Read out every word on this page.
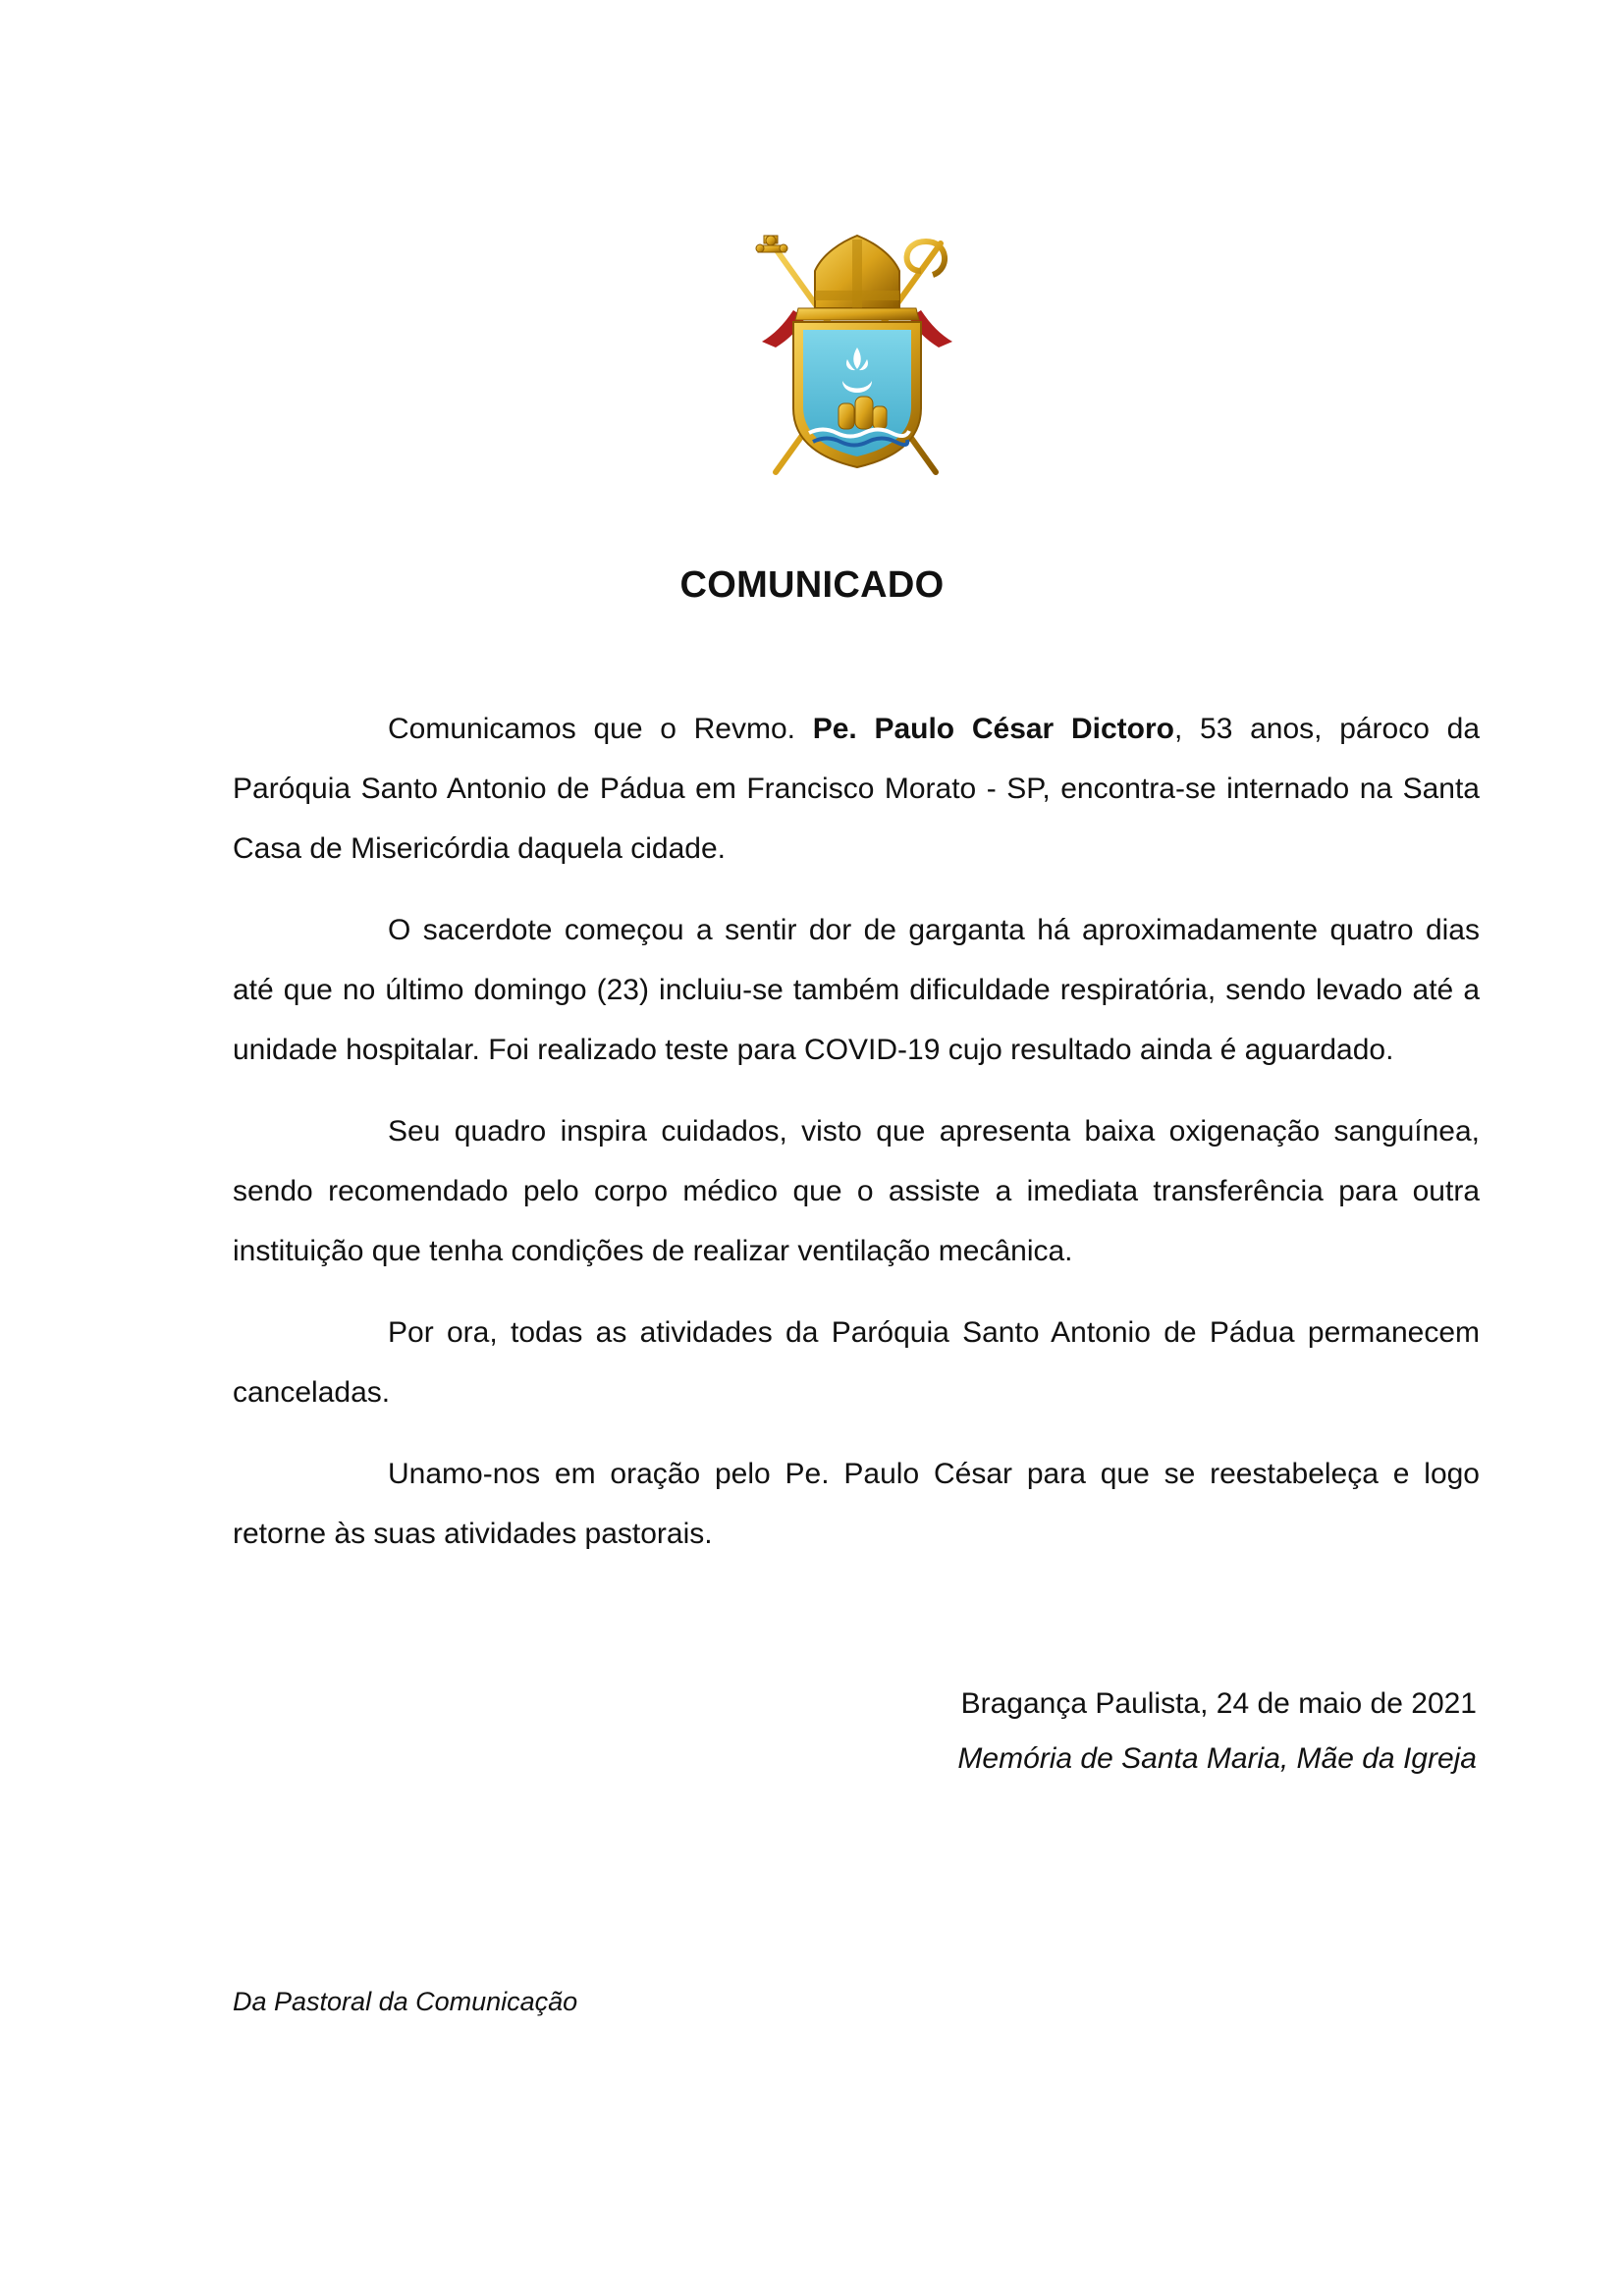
COMUNICADO

Comunicamos que o Revmo. Pe. Paulo César Dictoro, 53 anos, pároco da Paróquia Santo Antonio de Pádua em Francisco Morato - SP, encontra-se internado na Santa Casa de Misericórdia daquela cidade.

O sacerdote começou a sentir dor de garganta há aproximadamente quatro dias até que no último domingo (23) incluiu-se também dificuldade respiratória, sendo levado até a unidade hospitalar. Foi realizado teste para COVID-19 cujo resultado ainda é aguardado.

Seu quadro inspira cuidados, visto que apresenta baixa oxigenação sanguínea, sendo recomendado pelo corpo médico que o assiste a imediata transferência para outra instituição que tenha condições de realizar ventilação mecânica.

Por ora, todas as atividades da Paróquia Santo Antonio de Pádua permanecem canceladas.

Unamo-nos em oração pelo Pe. Paulo César para que se reestabeleça e logo retorne às suas atividades pastorais.

Bragança Paulista, 24 de maio de 2021
Memória de Santa Maria, Mãe da Igreja
Da Pastoral da Comunicação
